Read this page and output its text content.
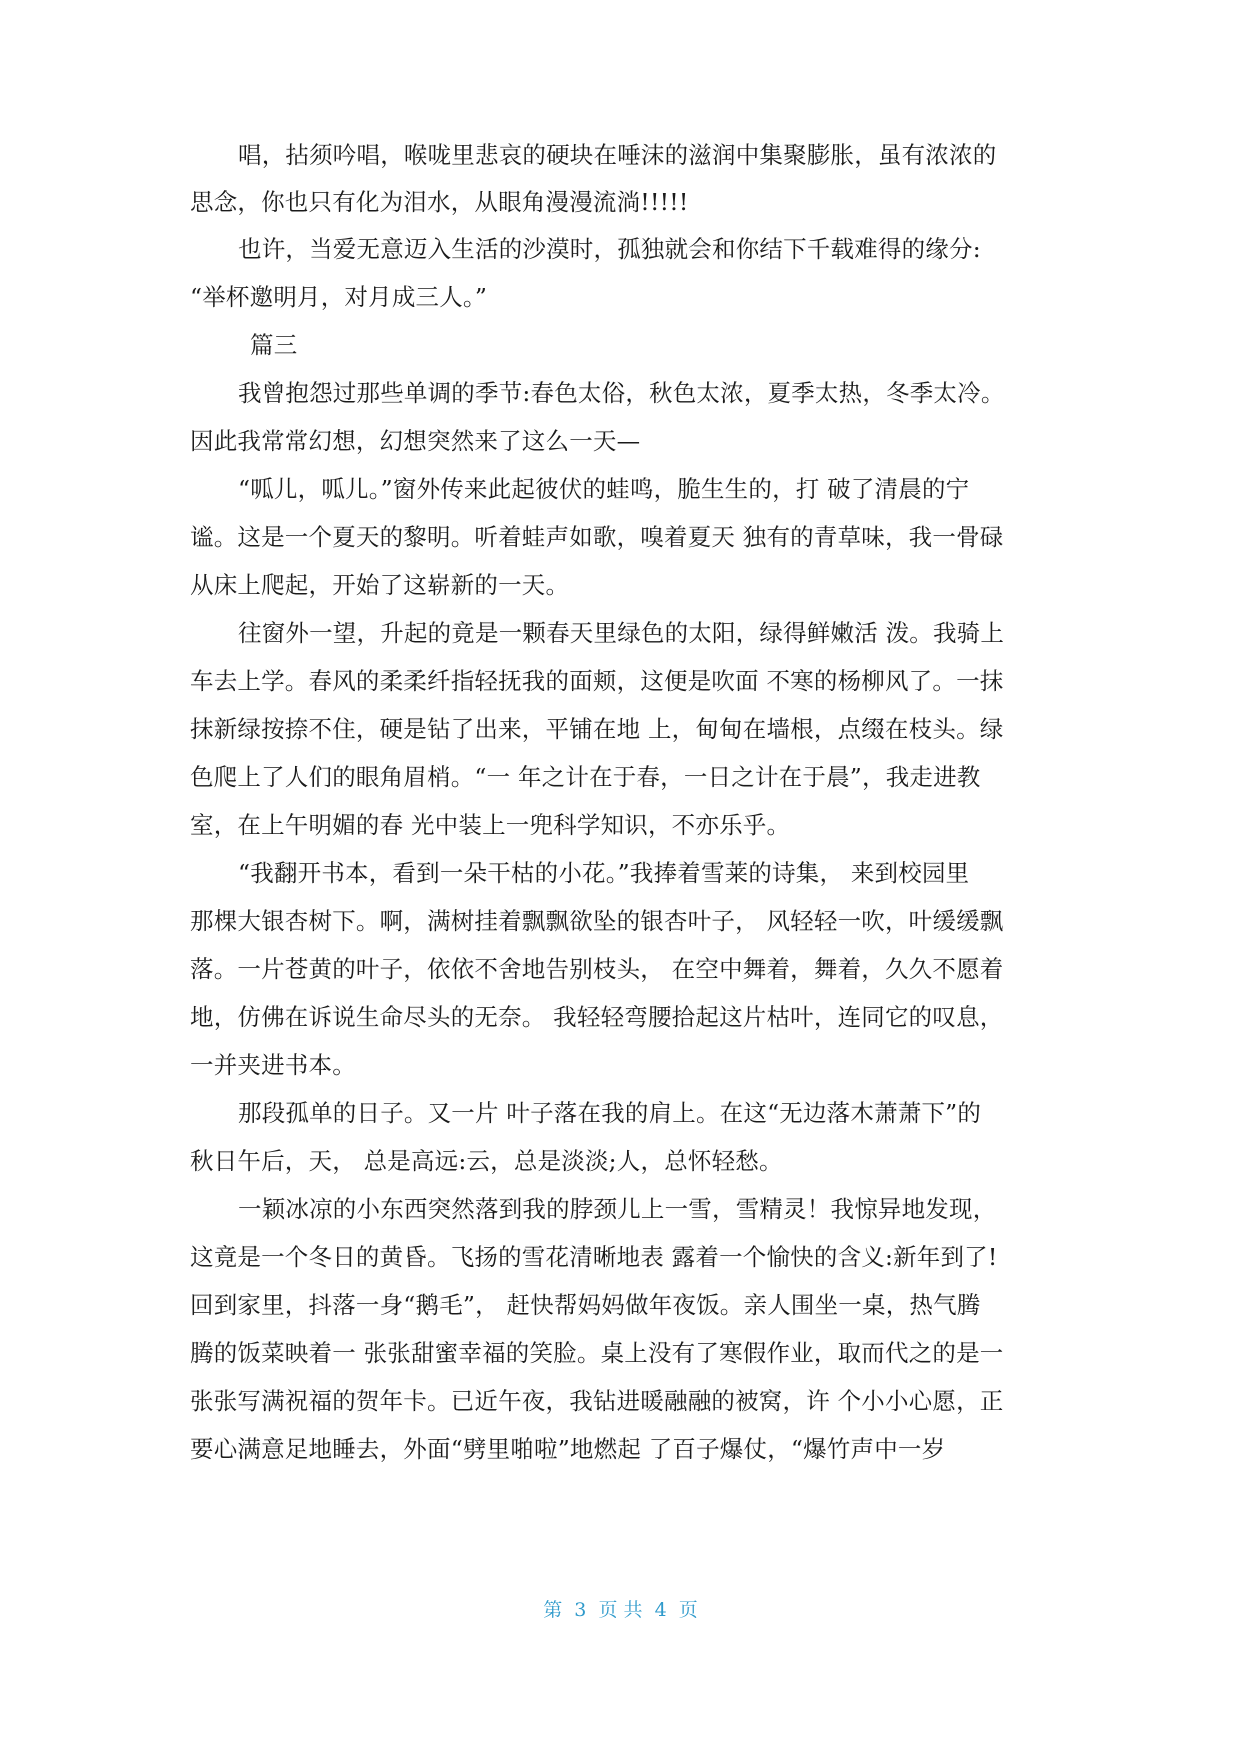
唱，拈须吟唱，喉咙里悲哀的硬块在唾沫的滋润中集聚膨胀，虽有浓浓的
思念，你也只有化为泪水，从眼角漫漫流淌!!!!!
也许，当爱无意迈入生活的沙漠时，孤独就会和你结下千载难得的缘分:
“举杯邀明月，对月成三人。”
篇三
我曾抱怨过那些单调的季节:春色太俗，秋色太浓，夏季太热，冬季太冷。
因此我常常幻想，幻想突然来了这么一天—
“呱儿，呱儿。”窗外传来此起彼伏的蛙鸣，脆生生的，打 破了清晨的宁
谧。这是一个夏天的黎明。听着蛙声如歌，嗅着夏天 独有的青草味，我一骨碌
从床上爬起，开始了这崭新的一天。
往窗外一望，升起的竟是一颗春天里绿色的太阳，绿得鲜嫩活 泼。我骑上
车去上学。春风的柔柔纤指轻抚我的面颊，这便是吹面 不寒的杨柳风了。一抹
抹新绿按捺不住，硬是钻了出来，平铺在地 上，甸甸在墙根，点缀在枝头。绿
色爬上了人们的眼角眉梢。“一 年之计在于春，一日之计在于晨”，我走进教
室，在上午明媚的春 光中装上一兜科学知识，不亦乐乎。
“我翻开书本，看到一朵干枯的小花。”我捧着雪莱的诗集， 来到校园里
那棵大银杏树下。啊，满树挂着飘飘欲坠的银杏叶子， 风轻轻一吹，叶缓缓飘
落。一片苍黄的叶子，依依不舍地告别枝头， 在空中舞着，舞着，久久不愿着
地，仿佛在诉说生命尽头的无奈。 我轻轻弯腰拾起这片枯叶，连同它的叹息，
一并夹进书本。
那段孤单的日子。又一片 叶子落在我的肩上。在这“无边落木萧萧下”的
秋日午后，天， 总是高远:云，总是淡淡;人，总怀轻愁。
一颖冰凉的小东西突然落到我的脖颈儿上一雪，雪精灵！我惊异地发现，
这竟是一个冬日的黄昏。飞扬的雪花清晰地表 露着一个愉快的含义:新年到了!
回到家里，抖落一身“鹅毛”， 赶快帮妈妈做年夜饭。亲人围坐一桌，热气腾
腾的饭菜映着一 张张甜蜜幸福的笑脸。桌上没有了寒假作业，取而代之的是一
张张写满祝福的贺年卡。已近午夜，我钻进暖融融的被窝，许 个小小心愿，正
要心满意足地睡去，外面“劈里啪啦”地燃起 了百子爆仗，“爆竹声中一岁
第  3  页 共  4  页
